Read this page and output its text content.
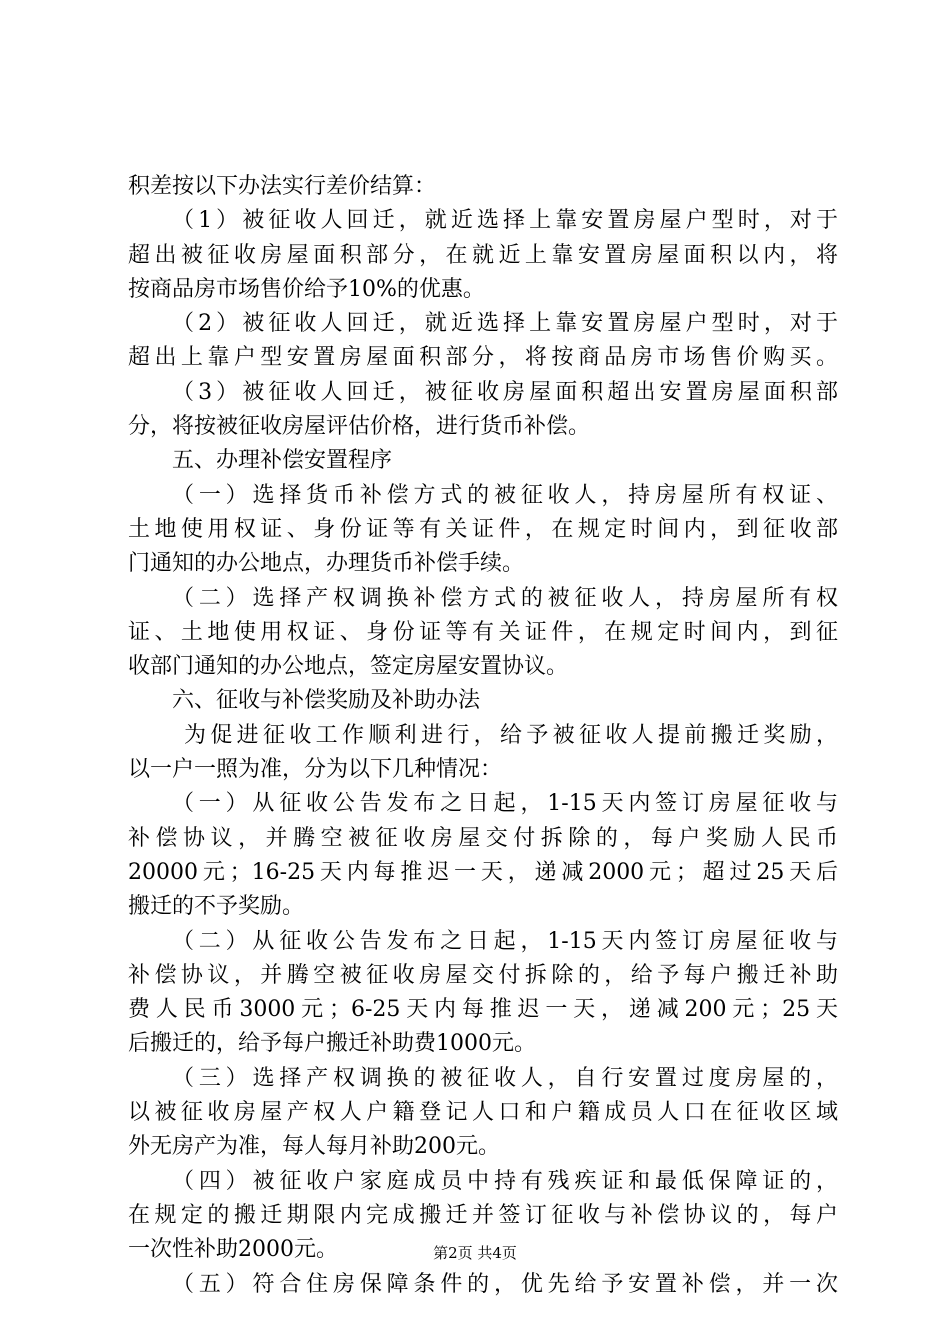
积差按以下办法实行差价结算：
（1）被征收人回迁，就近选择上靠安置房屋户型时，对于
超出被征收房屋面积部分，在就近上靠安置房屋面积以内，将
按商品房市场售价给予10%的优惠。
（2）被征收人回迁，就近选择上靠安置房屋户型时，对于
超出上靠户型安置房屋面积部分，将按商品房市场售价购买。
（3）被征收人回迁，被征收房屋面积超出安置房屋面积部
分，将按被征收房屋评估价格，进行货币补偿。
五、办理补偿安置程序
（一）选择货币补偿方式的被征收人，持房屋所有权证、
土地使用权证、身份证等有关证件，在规定时间内，到征收部
门通知的办公地点，办理货币补偿手续。
（二）选择产权调换补偿方式的被征收人，持房屋所有权
证、土地使用权证、身份证等有关证件，在规定时间内，到征
收部门通知的办公地点，签定房屋安置协议。
六、征收与补偿奖励及补助办法
为促进征收工作顺利进行，给予被征收人提前搬迁奖励，
以一户一照为准，分为以下几种情况：
（一）从征收公告发布之日起，1-15天内签订房屋征收与
补偿协议，并腾空被征收房屋交付拆除的，每户奖励人民币
20000元；16-25天内每推迟一天，递减2000元；超过25天后
搬迁的不予奖励。
（二）从征收公告发布之日起，1-15天内签订房屋征收与
补偿协议，并腾空被征收房屋交付拆除的，给予每户搬迁补助
费人民币3000元；6-25天内每推迟一天，递减200元；25天
后搬迁的，给予每户搬迁补助费1000元。
（三）选择产权调换的被征收人，自行安置过度房屋的，
以被征收房屋产权人户籍登记人口和户籍成员人口在征收区域
外无房产为准，每人每月补助200元。
（四）被征收户家庭成员中持有残疾证和最低保障证的，
在规定的搬迁期限内完成搬迁并签订征收与补偿协议的，每户
一次性补助2000元。
（五）符合住房保障条件的，优先给予安置补偿，并一次
第2页 共4页
